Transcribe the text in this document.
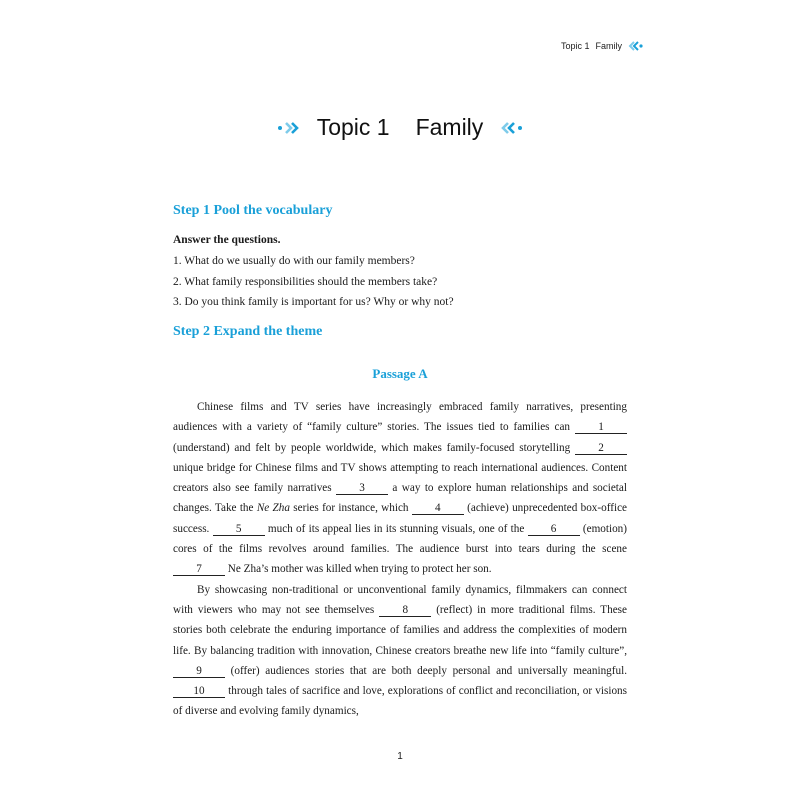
Topic 1 Family
Topic 1 Family
Step 1 Pool the vocabulary
Answer the questions.
1. What do we usually do with our family members?
2. What family responsibilities should the members take?
3. Do you think family is important for us? Why or why not?
Step 2 Expand the theme
Passage A

Chinese films and TV series have increasingly embraced family narratives, presenting audiences with a variety of “family culture” stories. The issues tied to families can 1 (understand) and felt by people worldwide, which makes family-focused storytelling 2 unique bridge for Chinese films and TV shows attempting to reach international audiences. Content creators also see family narratives 3 a way to explore human relationships and societal changes. Take the Ne Zha series for instance, which 4 (achieve) unprecedented box-office success. 5 much of its appeal lies in its stunning visuals, one of the 6 (emotion) cores of the films revolves around families. The audience burst into tears during the scene 7 Ne Zha’s mother was killed when trying to protect her son.

By showcasing non-traditional or unconventional family dynamics, filmmakers can connect with viewers who may not see themselves 8 (reflect) in more traditional films. These stories both celebrate the enduring importance of families and address the complexities of modern life. By balancing tradition with innovation, Chinese creators breathe new life into “family culture”, 9 (offer) audiences stories that are both deeply personal and universally meaningful. 10 through tales of sacrifice and love, explorations of conflict and reconciliation, or visions of diverse and evolving family dynamics,

1
